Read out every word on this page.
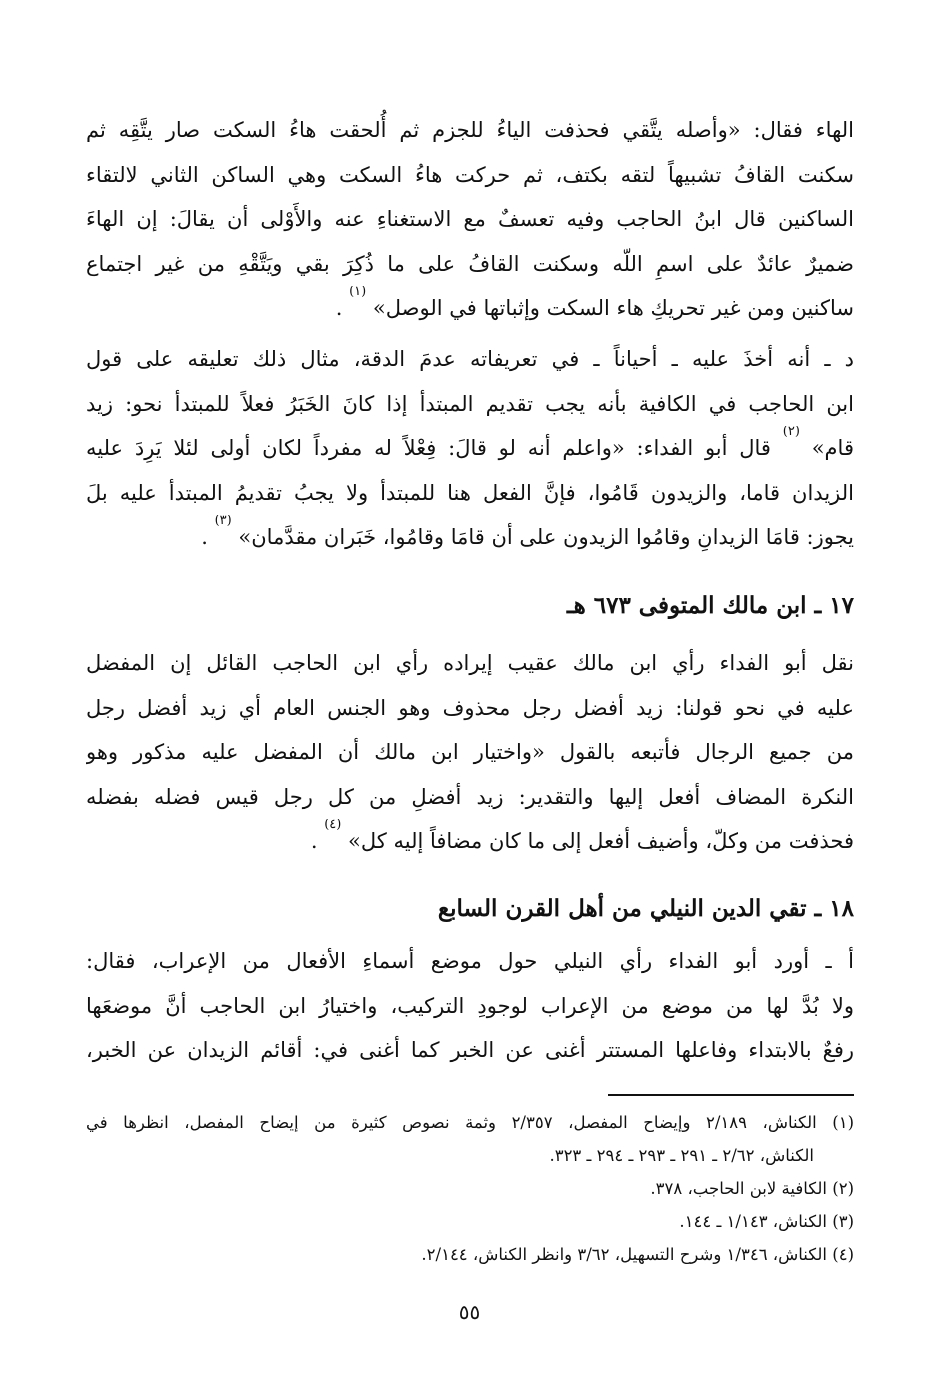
الهاء فقال: «وأصله يتَّقي فحذفت الياءُ للجزم ثم أُلحقت هاءُ السكت صار يتَّقِه ثم
سكنت القافُ تشبيهاً لتقه بكتف، ثم حركت هاءُ السكت وهي الساكن الثاني لالتقاء
الساكنين قال ابنُ الحاجب وفيه تعسفٌ مع الاستغناءِ عنه والأَوْلى أن يقالَ: إن الهاءَ
ضميرٌ عائدٌ على اسمِ اللّه وسكنت القافُ على ما ذُكِرَ بقي ويَتَّقْهِ من غير اجتماع
ساكنين ومن غير تحريكِ هاء السكت وإثباتها في الوصل» $^{(١)}$ .

د ـ أنه أخذَ عليه ـ أحياناً ـ في تعريفاته عدمَ الدقة، مثال ذلك تعليقه على قول
ابن الحاجب في الكافية بأنه يجب تقديم المبتدأ إذا كانَ الخَبَرُ فعلاً للمبتدأ نحو: زيد
قام» $^{(٢)}$ قال أبو الفداء: «واعلم أنه لو قالَ: فِعْلاً له مفرداً لكان أولى لئلا يَرِدَ عليه
الزيدان قاما، والزيدون قَامُوا، فإنَّ الفعل هنا للمبتدأ ولا يجبُ تقديمُ المبتدأ عليه بلَ
يجوز: قامَا الزيدانِ وقامُوا الزيدون على أن قامَا وقامُوا، خَبَران مقدَّمان» $^{(٣)}$ .

١٧ ـ ابن مالك المتوفى ٦٧٣ هـ

نقل أبو الفداء رأي ابن مالك عقيب إيراده رأي ابن الحاجب القائل إن المفضل
عليه في نحو قولنا: زيد أفضل رجل محذوف وهو الجنس العام أي زيد أفضل رجل
من جميع الرجال فأتبعه بالقول «واختيار ابن مالك أن المفضل عليه مذكور وهو
النكرة المضاف أفعل إليها والتقدير: زيد أفضلِ من كل رجل قيس فضله بفضله
فحذفت من وكلّ، وأضيف أفعل إلى ما كان مضافاً إليه كل» $^{(٤)}$ .

١٨ ـ تقي الدين النيلي من أهل القرن السابع

أ ـ أورد أبو الفداء رأي النيلي حول موضع أسماءِ الأفعال من الإعراب، فقال:
ولا بُدَّ لها من موضع من الإعراب لوجودِ التركيب، واختيارُ ابن الحاجب أنَّ موضعَها
رفعٌ بالابتداء وفاعلها المستتر أغنى عن الخبر كما أغنى في: أقائم الزيدان عن الخبر،

(١) الكناش، ٢/١٨٩ وإيضاح المفصل، ٢/٣٥٧ وثمة نصوص كثيرة من إيضاح المفصل، انظرها في
الكناش، ٢/٦٢ ـ ٢٩١ ـ ٢٩٣ ـ ٢٩٤ ـ ٣٢٣.
(٢) الكافية لابن الحاجب، ٣٧٨.
(٣) الكناش، ١/١٤٣ ـ ١٤٤.
(٤) الكناش، ١/٣٤٦ وشرح التسهيل، ٣/٦٢ وانظر الكناش، ٢/١٤٤.
٥٥
